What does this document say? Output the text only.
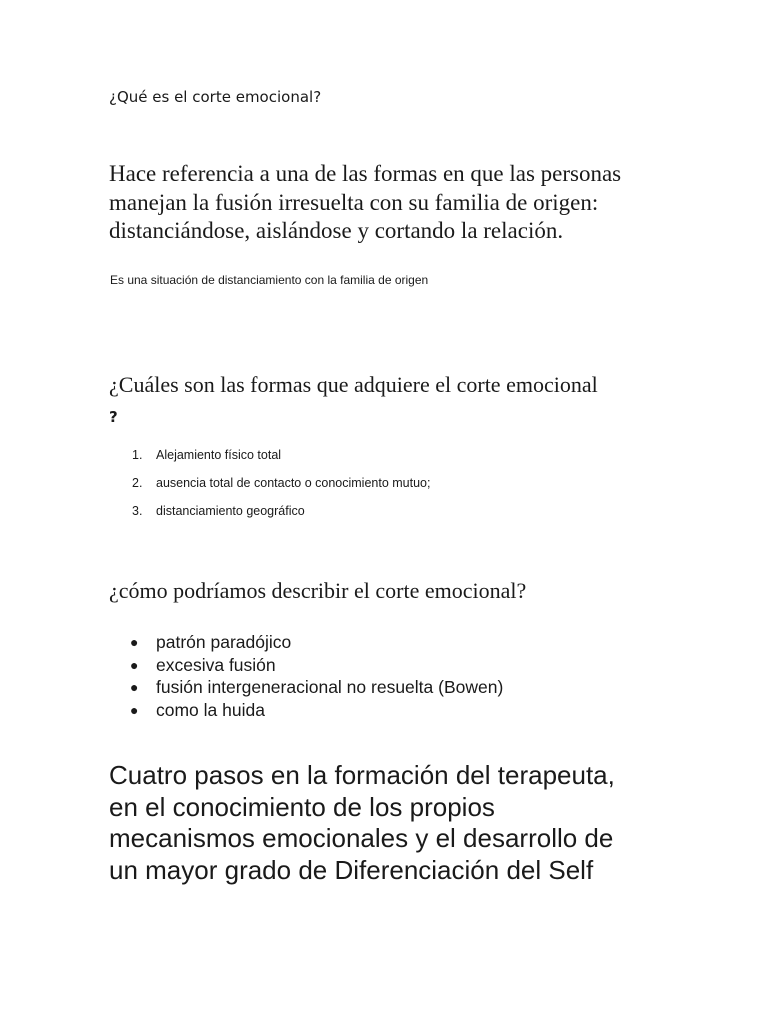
¿Qué es el corte emocional?
Hace referencia a una de las formas en que las personas manejan la fusión irresuelta con su familia de origen: distanciándose, aislándose y cortando la relación.
Es una situación de distanciamiento con la familia de origen
¿Cuáles son las formas que adquiere el corte emocional ?
1.	Alejamiento físico total
2.	ausencia total de contacto o conocimiento mutuo;
3.	distanciamiento geográfico
¿cómo podríamos describir el corte emocional?
●	patrón paradójico
●	excesiva fusión
●	fusión intergeneracional no resuelta (Bowen)
●	como la huida
Cuatro pasos en la formación del terapeuta, en el conocimiento de los propios mecanismos emocionales y el desarrollo de un mayor grado de Diferenciación del Self
